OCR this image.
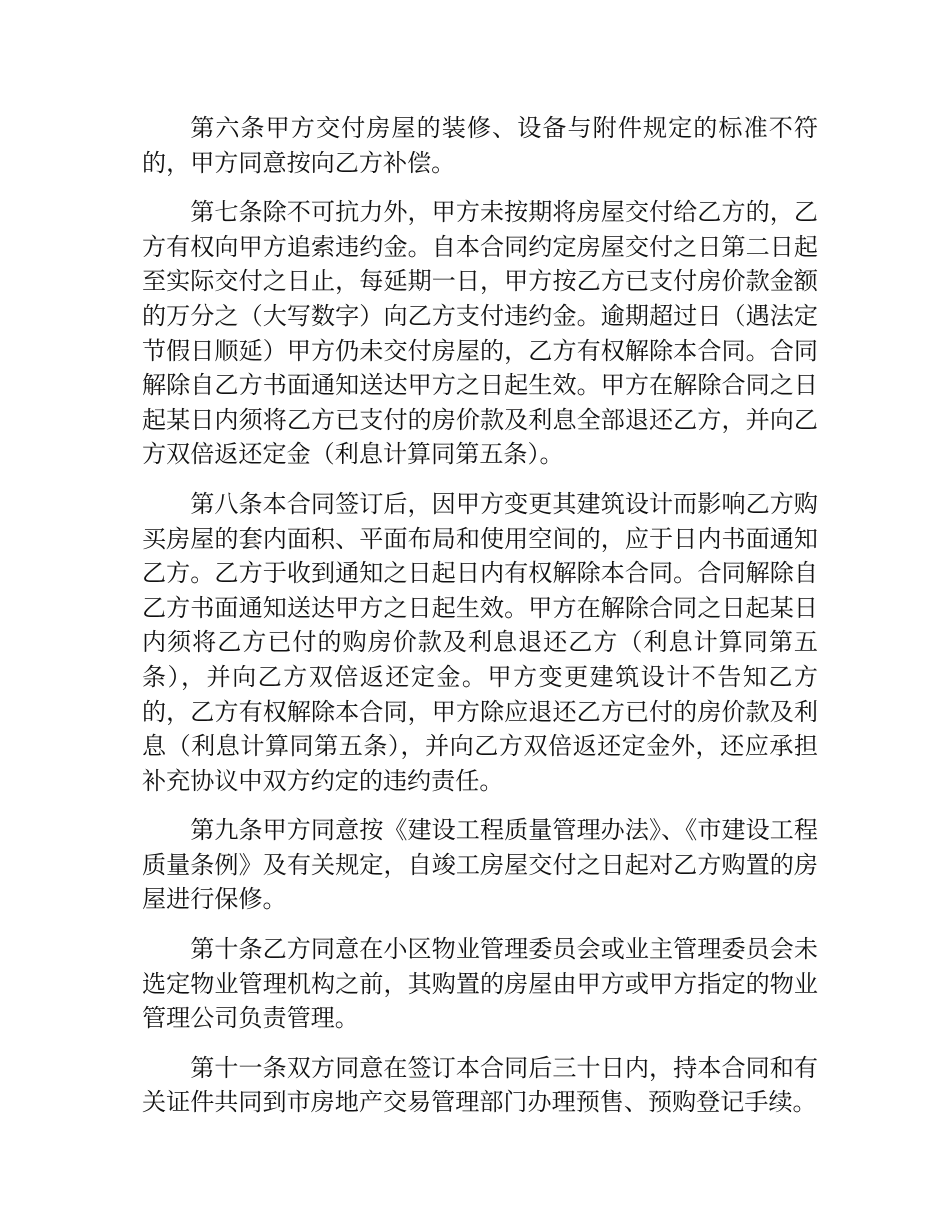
第六条甲方交付房屋的装修、设备与附件规定的标准不符的，甲方同意按向乙方补偿。

第七条除不可抗力外，甲方未按期将房屋交付给乙方的，乙方有权向甲方追索违约金。自本合同约定房屋交付之日第二日起至实际交付之日止，每延期一日，甲方按乙方已支付房价款金额的万分之（大写数字）向乙方支付违约金。逾期超过日（遇法定节假日顺延）甲方仍未交付房屋的，乙方有权解除本合同。合同解除自乙方书面通知送达甲方之日起生效。甲方在解除合同之日起某日内须将乙方已支付的房价款及利息全部退还乙方，并向乙方双倍返还定金（利息计算同第五条）。

第八条本合同签订后，因甲方变更其建筑设计而影响乙方购买房屋的套内面积、平面布局和使用空间的，应于日内书面通知乙方。乙方于收到通知之日起日内有权解除本合同。合同解除自乙方书面通知送达甲方之日起生效。甲方在解除合同之日起某日内须将乙方已付的购房价款及利息退还乙方（利息计算同第五条），并向乙方双倍返还定金。甲方变更建筑设计不告知乙方的，乙方有权解除本合同，甲方除应退还乙方已付的房价款及利息（利息计算同第五条），并向乙方双倍返还定金外，还应承担补充协议中双方约定的违约责任。

第九条甲方同意按《建设工程质量管理办法》、《市建设工程质量条例》及有关规定，自竣工房屋交付之日起对乙方购置的房屋进行保修。

第十条乙方同意在小区物业管理委员会或业主管理委员会未选定物业管理机构之前，其购置的房屋由甲方或甲方指定的物业管理公司负责管理。

第十一条双方同意在签订本合同后三十日内，持本合同和有关证件共同到市房地产交易管理部门办理预售、预购登记手续。
